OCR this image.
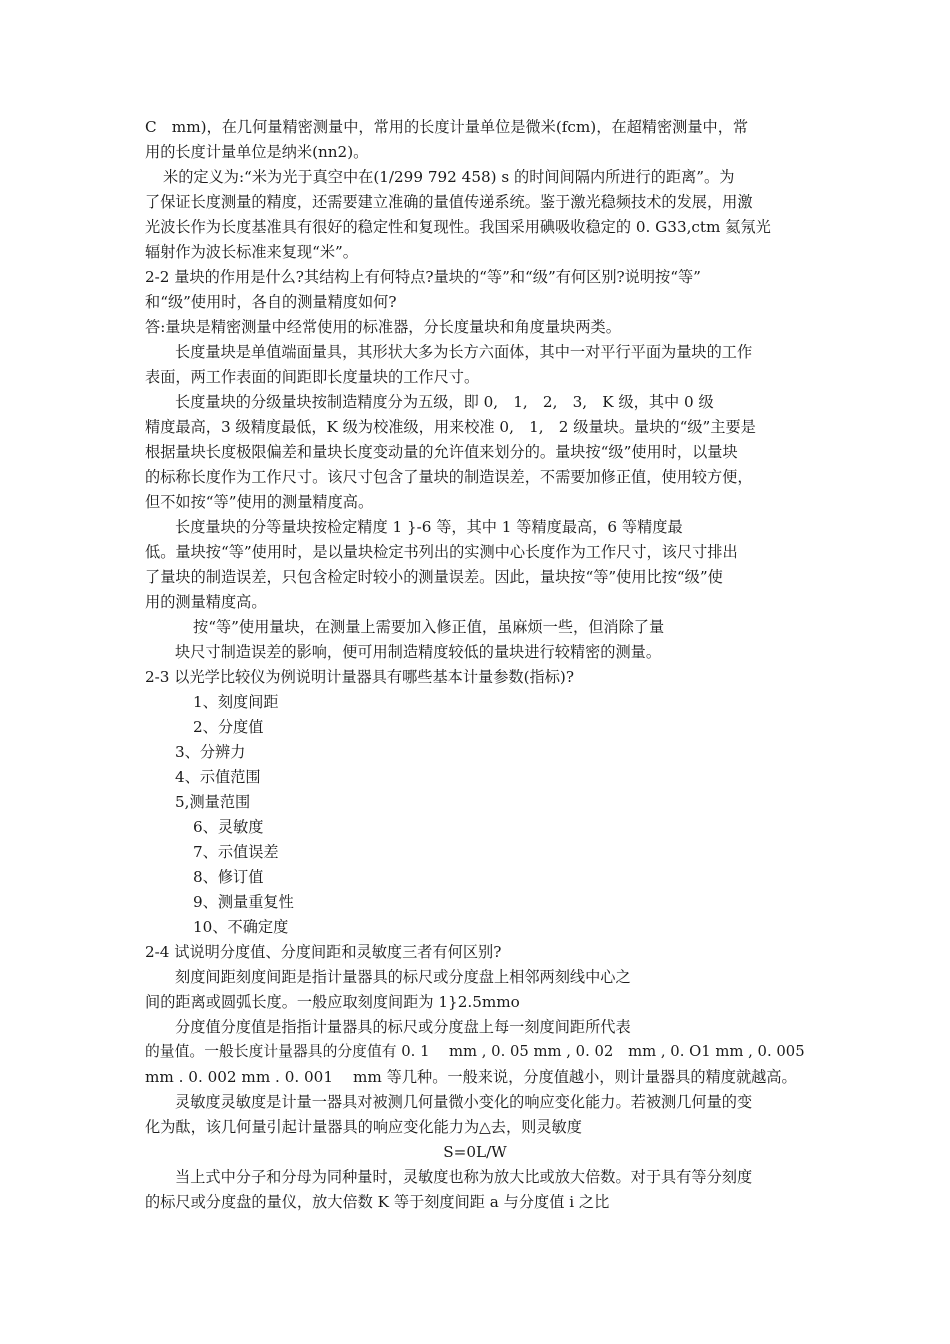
C　mm)，在几何量精密测量中，常用的长度计量单位是微米(fcm)，在超精密测量中，常
用的长度计量单位是纳米(nn2)。
米的定义为:“米为光于真空中在(1/299 792 458) s 的时间间隔内所进行的距离”。为
了保证长度测量的精度，还需要建立准确的量值传递系统。鉴于激光稳频技术的发展，用激
光波长作为长度基准具有很好的稳定性和复现性。我国采用碘吸收稳定的 0. G33,ctm 氦氖光
辐射作为波长标准来复现“米”。
2-2 量块的作用是什么?其结构上有何特点?量块的“等”和“级”有何区别?说明按“等”
和“级”使用时，各自的测量精度如何?
答:量块是精密测量中经常使用的标准器，分长度量块和角度量块两类。
长度量块是单值端面量具，其形状大多为长方六面体，其中一对平行平面为量块的工作
表面，两工作表面的间距即长度量块的工作尺寸。
长度量块的分级量块按制造精度分为五级，即 0,　1,　2,　3,　K 级，其中 0 级
精度最高，3 级精度最低，K 级为校准级，用来校准 0,　1,　2 级量块。量块的“级”主要是
根据量块长度极限偏差和量块长度变动量的允许值来划分的。量块按“级”使用时，以量块
的标称长度作为工作尺寸。该尺寸包含了量块的制造误差，不需要加修正值，使用较方便，
但不如按“等”使用的测量精度高。
长度量块的分等量块按检定精度 1 }-6 等，其中 1 等精度最高，6 等精度最
低。量块按“等”使用时，是以量块检定书列出的实测中心长度作为工作尺寸，该尺寸排出
了量块的制造误差，只包含检定时较小的测量误差。因此，量块按“等”使用比按“级”使
用的测量精度高。
按“等”使用量块，在测量上需要加入修正值，虽麻烦一些，但消除了量
块尺寸制造误差的影响，便可用制造精度较低的量块进行较精密的测量。
2-3 以光学比较仪为例说明计量器具有哪些基本计量参数(指标)?
1、刻度间距
2、分度值
3、分辨力
4、示值范围
5,测量范围
6、灵敏度
7、示值误差
8、修订值
9、测量重复性
10、不确定度
2-4 试说明分度值、分度间距和灵敏度三者有何区别?
刻度间距刻度间距是指计量器具的标尺或分度盘上相邻两刻线中心之
间的距离或圆弧长度。一般应取刻度间距为 1}2.5mmo
分度值分度值是指指计量器具的标尺或分度盘上每一刻度间距所代表
的量值。一般长度计量器具的分度值有 0. 1　 mm , 0. 05 mm , 0. 02　mm , 0. O1 mm , 0. 005
mm . 0. 002 mm . 0. 001　 mm 等几种。一般来说，分度值越小，则计量器具的精度就越高。
灵敏度灵敏度是计量一器具对被测几何量微小变化的响应变化能力。若被测几何量的变
化为酞，该几何量引起计量器具的响应变化能力为△去，则灵敏度
S=0L/W
当上式中分子和分母为同种量时，灵敏度也称为放大比或放大倍数。对于具有等分刻度
的标尺或分度盘的量仪，放大倍数 K 等于刻度间距 a 与分度值 i 之比
